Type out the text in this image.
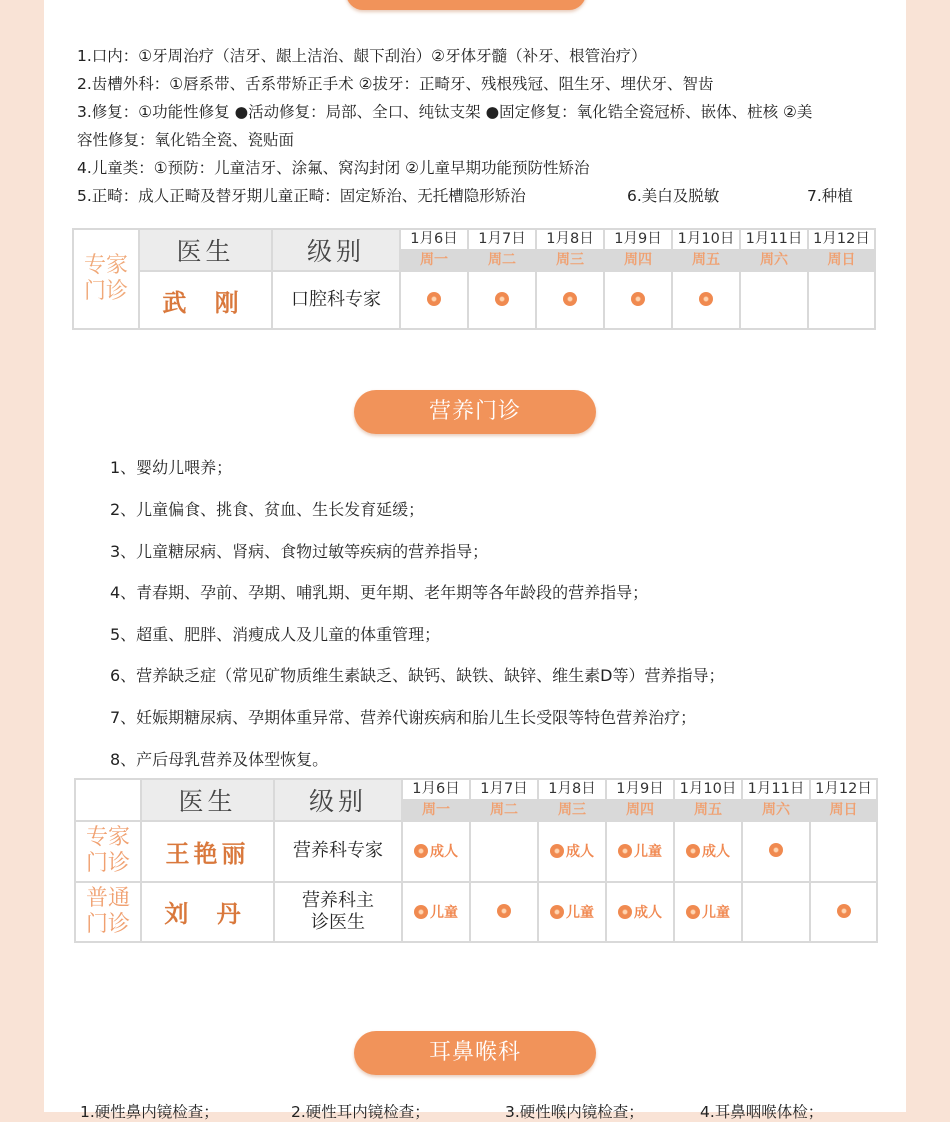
1.口内：①牙周治疗（洁牙、龈上洁治、龈下刮治）②牙体牙髓（补牙、根管治疗）
2.齿槽外科：①唇系带、舌系带矫正手术 ②拔牙：正畸牙、残根残冠、阻生牙、埋伏牙、智齿
3.修复：①功能性修复 ●活动修复：局部、全口、纯钛支架 ●固定修复：氧化锆全瓷冠桥、嵌体、桩核 ②美
容性修复：氧化锆全瓷、瓷贴面
4.儿童类：①预防：儿童洁牙、涂氟、窝沟封闭 ②儿童早期功能预防性矫治
5.正畸：成人正畸及替牙期儿童正畸：固定矫治、无托槽隐形矫治	6.美白及脱敏	7.种植
专家门诊	医生	级别	1月6日	1月7日	1月8日	1月9日	1月10日	1月11日	1月12日
			周一	周二	周三	周四	周五	周六	周日
	武 刚	口腔科专家							
营养门诊
1、婴幼儿喂养；
2、儿童偏食、挑食、贫血、生长发育延缓；
3、儿童糖尿病、肾病、食物过敏等疾病的营养指导；
4、青春期、孕前、孕期、哺乳期、更年期、老年期等各年龄段的营养指导；
5、超重、肥胖、消瘦成人及儿童的体重管理；
6、营养缺乏症（常见矿物质维生素缺乏、缺钙、缺铁、缺锌、维生素D等）营养指导；
7、妊娠期糖尿病、孕期体重异常、营养代谢疾病和胎儿生长受限等特色营养治疗；
8、产后母乳营养及体型恢复。
	医生	级别	1月6日	1月7日	1月8日	1月9日	1月10日	1月11日	1月12日
			周一	周二	周三	周四	周五	周六	周日

专家门诊	王艳丽	营养科专家	成人		成人	儿童	成人		

普通门诊	刘 丹	营养科主诊医生	儿童		儿童	成人	儿童		
耳鼻喉科
1.硬性鼻内镜检查；	2.硬性耳内镜检查；	3.硬性喉内镜检查；	4.耳鼻咽喉体检；
